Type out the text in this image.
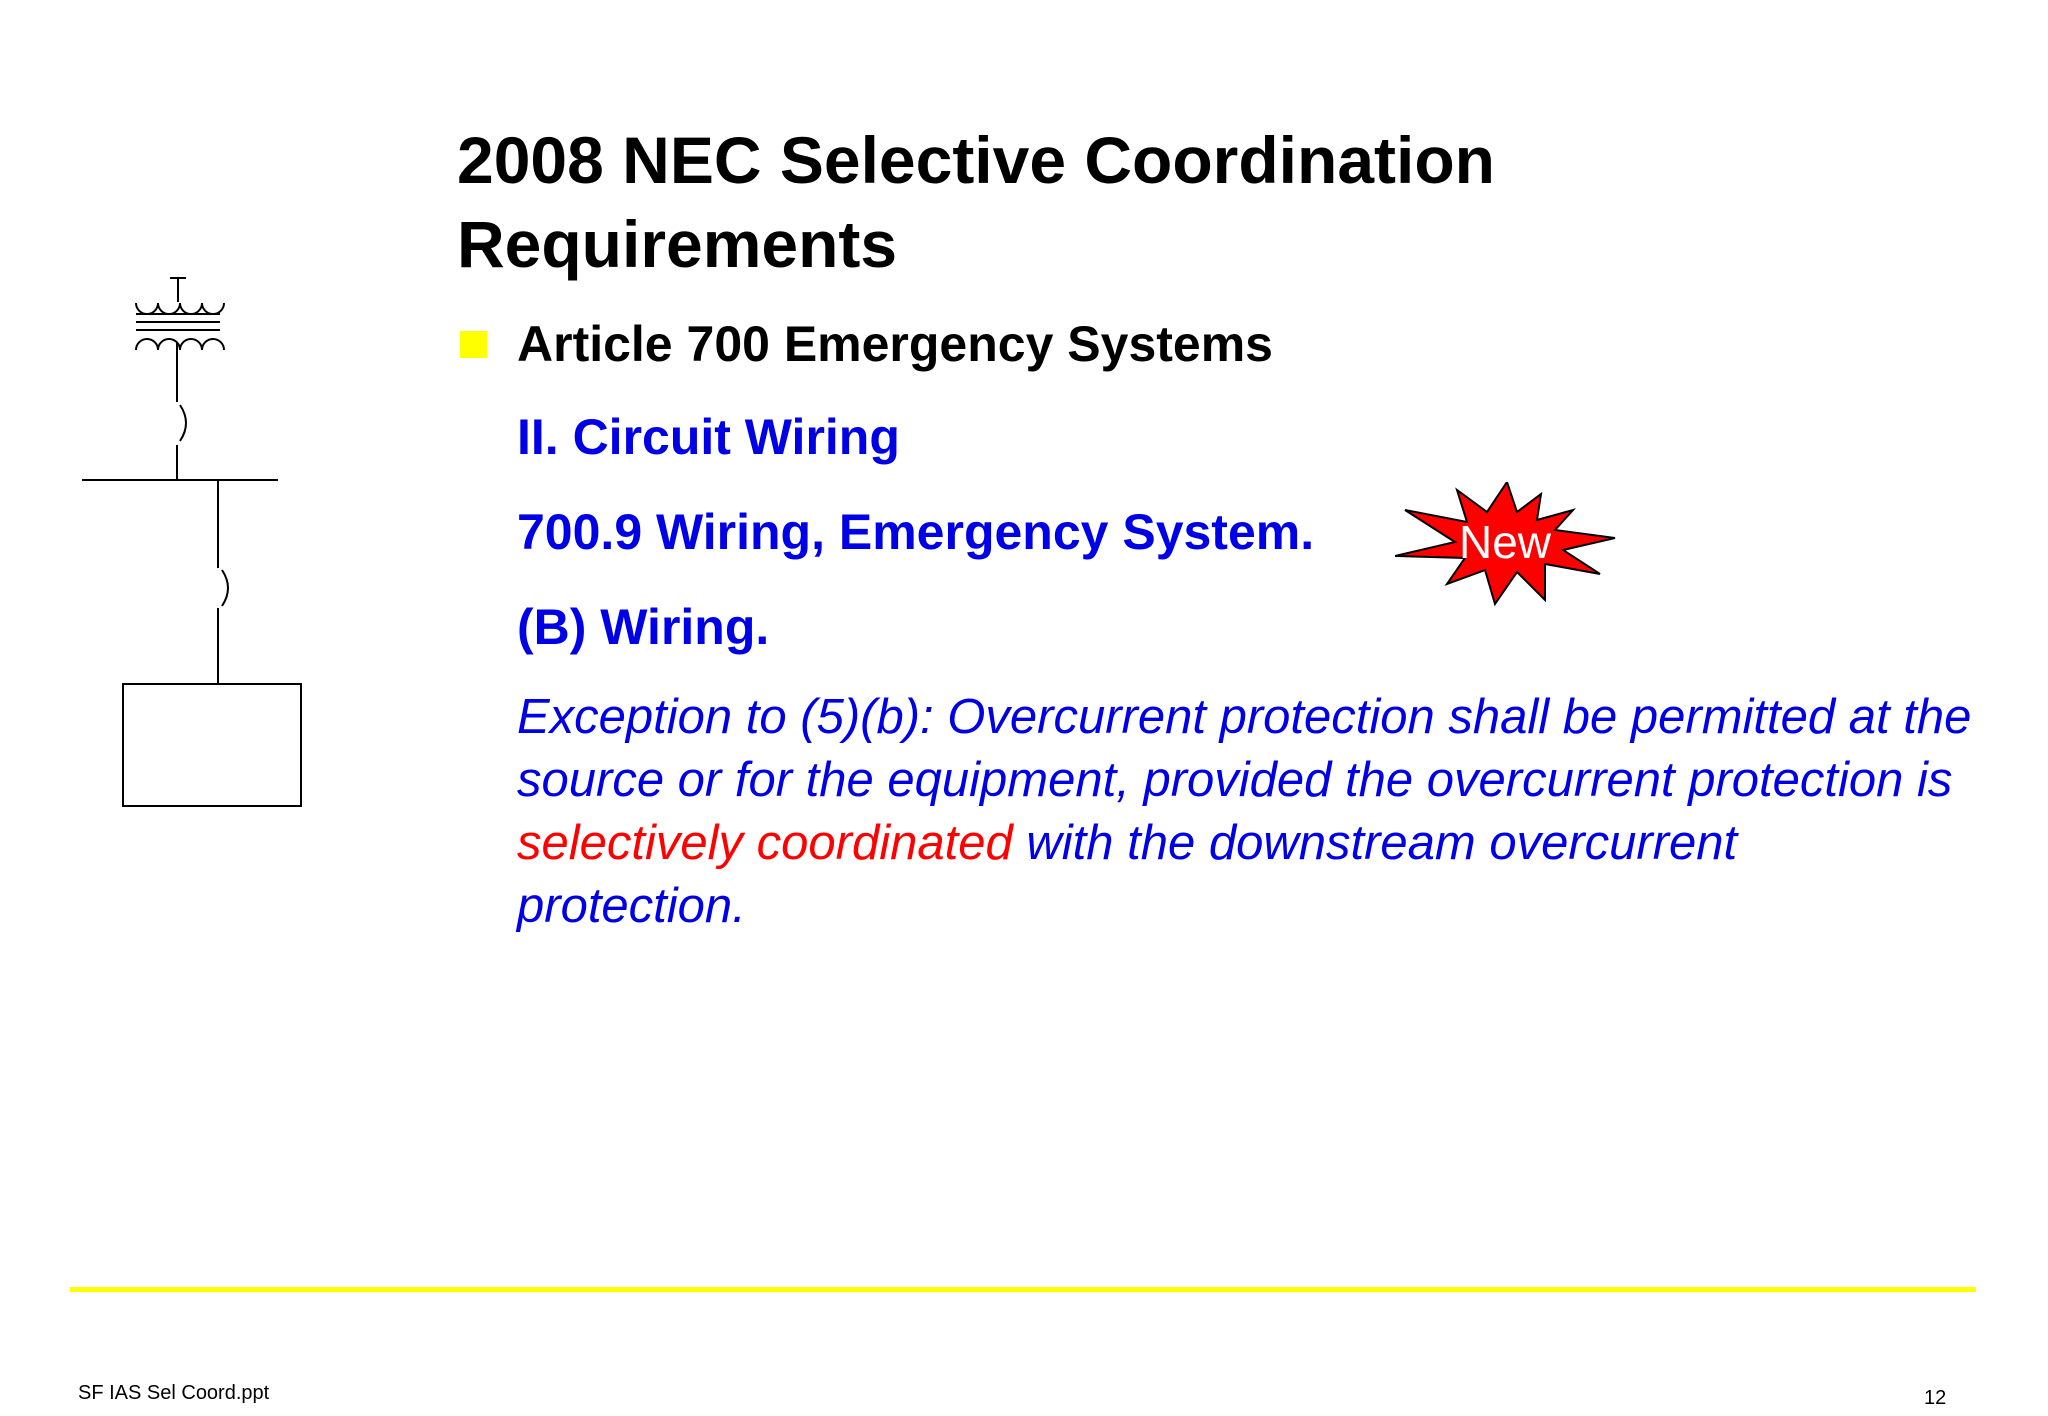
2008 NEC Selective Coordination Requirements
Article 700 Emergency Systems
II. Circuit Wiring
700.9 Wiring, Emergency System.	New
(B) Wiring.
Exception to (5)(b): Overcurrent protection shall be permitted at the source or for the equipment, provided the overcurrent protection is selectively coordinated with the downstream overcurrent protection.
SF IAS Sel Coord.ppt	12
